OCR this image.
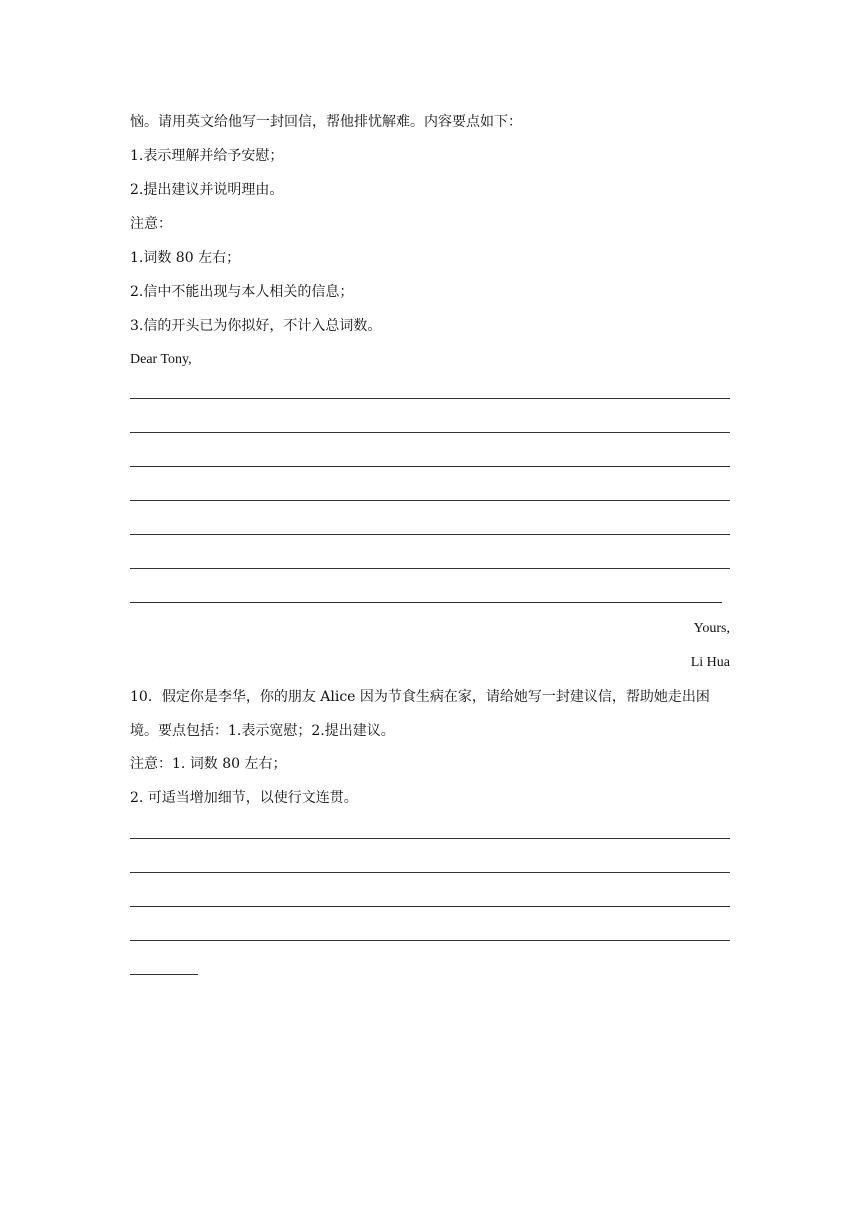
恼。请用英文给他写一封回信，帮他排忧解难。内容要点如下：
1.表示理解并给予安慰；
2.提出建议并说明理由。
注意：
1.词数 80 左右；
2.信中不能出现与本人相关的信息；
3.信的开头已为你拟好，不计入总词数。
Dear Tony,
Yours,
Li Hua
10．假定你是李华，你的朋友 Alice 因为节食生病在家，请给她写一封建议信，帮助她走出困境。要点包括：1.表示宽慰；2.提出建议。
注意：1. 词数 80 左右；
2. 可适当增加细节，以使行文连贯。
